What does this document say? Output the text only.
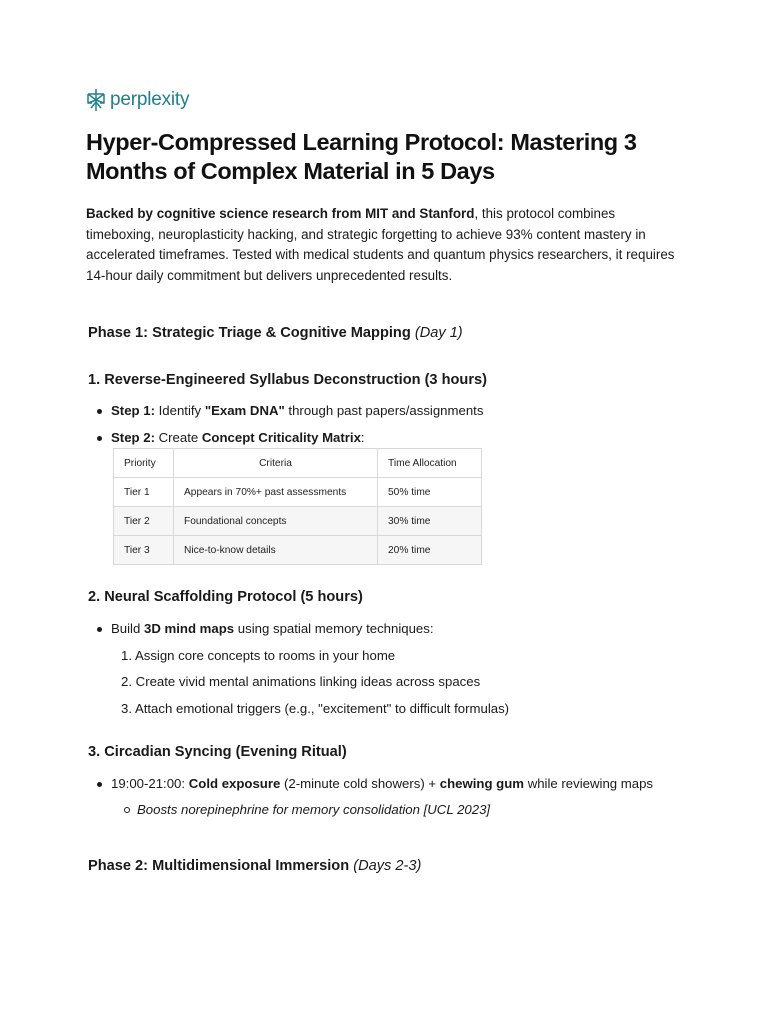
perplexity
Hyper-Compressed Learning Protocol: Mastering 3 Months of Complex Material in 5 Days

Backed by cognitive science research from MIT and Stanford, this protocol combines timeboxing, neuroplasticity hacking, and strategic forgetting to achieve 93% content mastery in accelerated timeframes. Tested with medical students and quantum physics researchers, it requires 14-hour daily commitment but delivers unprecedented results.

Phase 1: Strategic Triage & Cognitive Mapping (Day 1)
1. Reverse-Engineered Syllabus Deconstruction (3 hours)
Step 1: Identify "Exam DNA" through past papers/assignments
Step 2: Create Concept Criticality Matrix:
Priority	Criteria	Time Allocation
Tier 1	Appears in 70%+ past assessments	50% time
Tier 2	Foundational concepts	30% time
Tier 3	Nice-to-know details	20% time
2. Neural Scaffolding Protocol (5 hours)
Build 3D mind maps using spatial memory techniques:
1. Assign core concepts to rooms in your home
2. Create vivid mental animations linking ideas across spaces
3. Attach emotional triggers (e.g., "excitement" to difficult formulas)
3. Circadian Syncing (Evening Ritual)
19:00-21:00: Cold exposure (2-minute cold showers) + chewing gum while reviewing maps
Boosts norepinephrine for memory consolidation [UCL 2023]
Phase 2: Multidimensional Immersion (Days 2-3)
